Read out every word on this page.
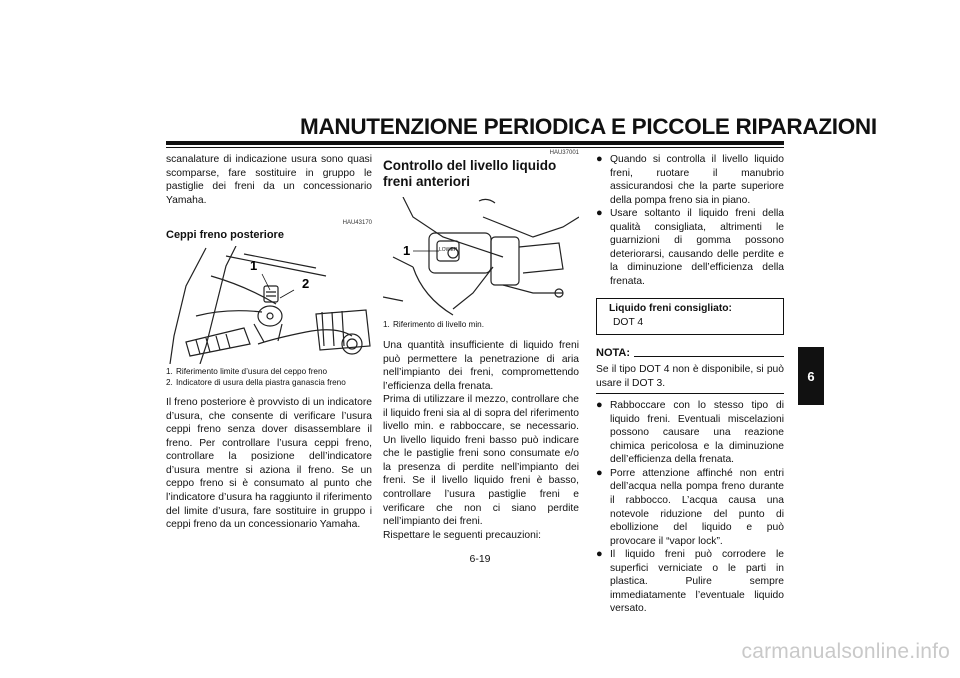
MANUTENZIONE PERIODICA E PICCOLE RIPARAZIONI

scanalature di indicazione usura sono quasi scomparse, fare sostituire in gruppo le pastiglie dei freni da un concessionario Yamaha.

HAU43170
Ceppi freno posteriore
1
2
1. Riferimento limite d’usura del ceppo freno
2. Indicatore di usura della piastra ganascia freno

Il freno posteriore è provvisto di un indicatore d’usura, che consente di verificare l’usura ceppi freno senza dover disassemblare il freno. Per controllare l’usura ceppi freno, controllare la posizione dell’indicatore d’usura mentre si aziona il freno. Se un ceppo freno si è consumato al punto che l’indicatore d’usura ha raggiunto il riferimento del limite d’usura, fare sostituire in gruppo i ceppi freno da un concessionario Yamaha.

HAU37001
Controllo del livello liquido freni anteriori
LOWER
1
1. Riferimento di livello min.

Una quantità insufficiente di liquido freni può permettere la penetrazione di aria nell’impianto dei freni, compromettendo l’efficienza della frenata.

Prima di utilizzare il mezzo, controllare che il liquido freni sia al di sopra del riferimento livello min. e rabboccare, se necessario. Un livello liquido freni basso può indicare che le pastiglie freni sono consumate e/o la presenza di perdite nell’impianto dei freni. Se il livello liquido freni è basso, controllare l’usura pastiglie freni e verificare che non ci siano perdite nell’impianto dei freni.

Rispettare le seguenti precauzioni:

● Quando si controlla il livello liquido freni, ruotare il manubrio assicurandosi che la parte superiore della pompa freno sia in piano.
● Usare soltanto il liquido freni della qualità consigliata, altrimenti le guarnizioni di gomma possono deteriorarsi, causando delle perdite e la diminuzione dell’efficienza della frenata.
Liquido freni consigliato:
DOT 4
NOTA:

Se il tipo DOT 4 non è disponibile, si può usare il DOT 3.

● Rabboccare con lo stesso tipo di liquido freni. Eventuali miscelazioni possono causare una reazione chimica pericolosa e la diminuzione dell’efficienza della frenata.
● Porre attenzione affinché non entri dell’acqua nella pompa freno durante il rabbocco. L’acqua causa una notevole riduzione del punto di ebollizione del liquido e può provocare il “vapor lock”.
● Il liquido freni può corrodere le superfici verniciate o le parti in plastica. Pulire sempre immediatamente l’eventuale liquido versato.
6
6-19
carmanualsonline.info
